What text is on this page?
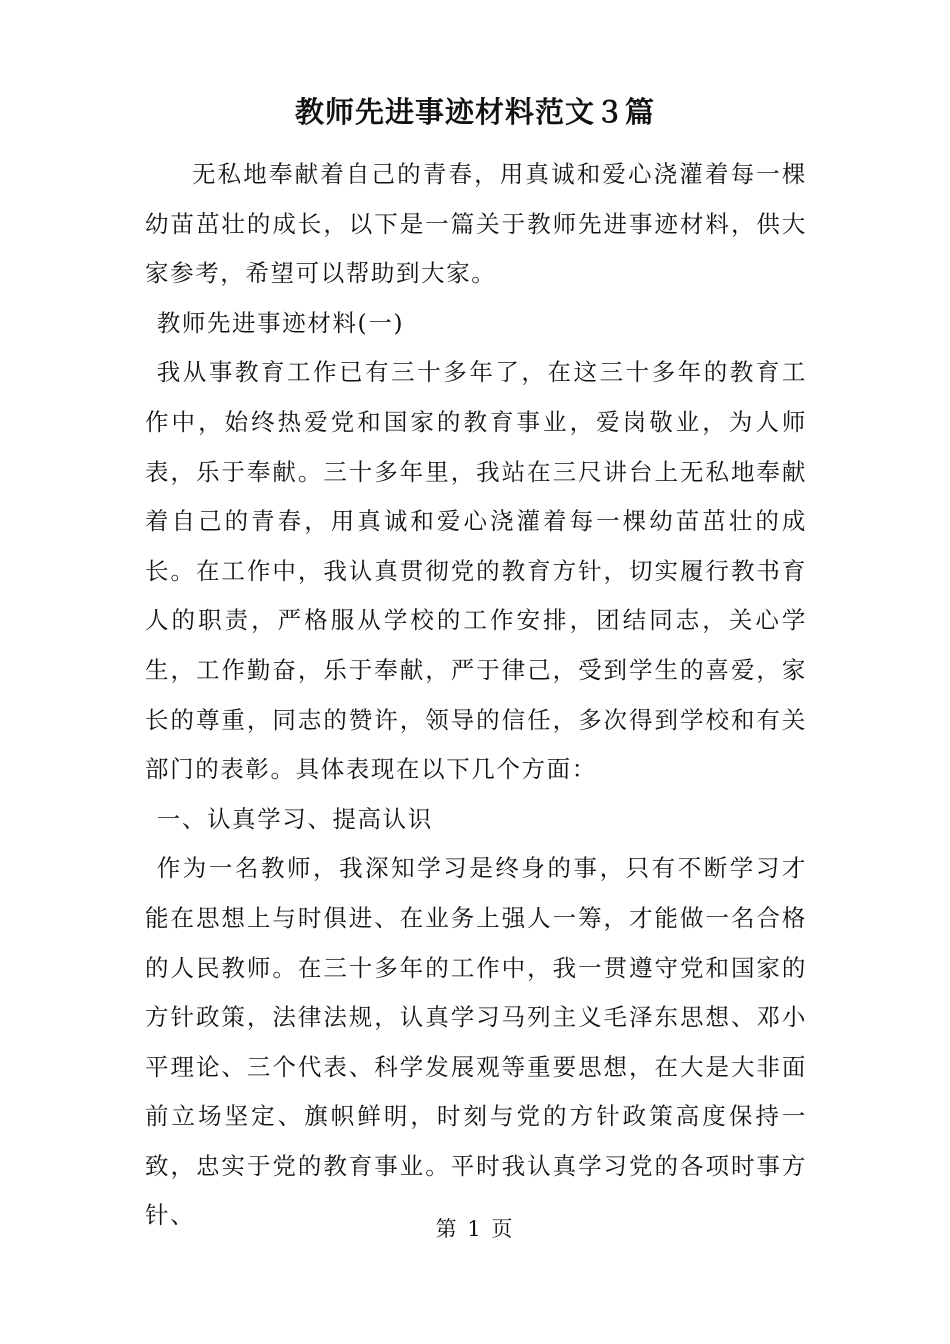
教师先进事迹材料范文３篇

无私地奉献着自己的青春，用真诚和爱心浇灌着每一棵幼苗茁壮的成长，以下是一篇关于教师先进事迹材料，供大家参考，希望可以帮助到大家。

教师先进事迹材料(一)

我从事教育工作已有三十多年了，在这三十多年的教育工作中，始终热爱党和国家的教育事业，爱岗敬业，为人师表，乐于奉献。三十多年里，我站在三尺讲台上无私地奉献着自己的青春，用真诚和爱心浇灌着每一棵幼苗茁壮的成长。在工作中，我认真贯彻党的教育方针，切实履行教书育人的职责，严格服从学校的工作安排，团结同志，关心学生，工作勤奋，乐于奉献，严于律己，受到学生的喜爱，家长的尊重，同志的赞许，领导的信任，多次得到学校和有关部门的表彰。具体表现在以下几个方面：

一、认真学习、提高认识

作为一名教师，我深知学习是终身的事，只有不断学习才能在思想上与时俱进、在业务上强人一筹，才能做一名合格的人民教师。在三十多年的工作中，我一贯遵守党和国家的方针政策，法律法规，认真学习马列主义毛泽东思想、邓小平理论、三个代表、科学发展观等重要思想，在大是大非面前立场坚定、旗帜鲜明，时刻与党的方针政策高度保持一致，忠实于党的教育事业。平时我认真学习党的各项时事方针、	第 1 页
